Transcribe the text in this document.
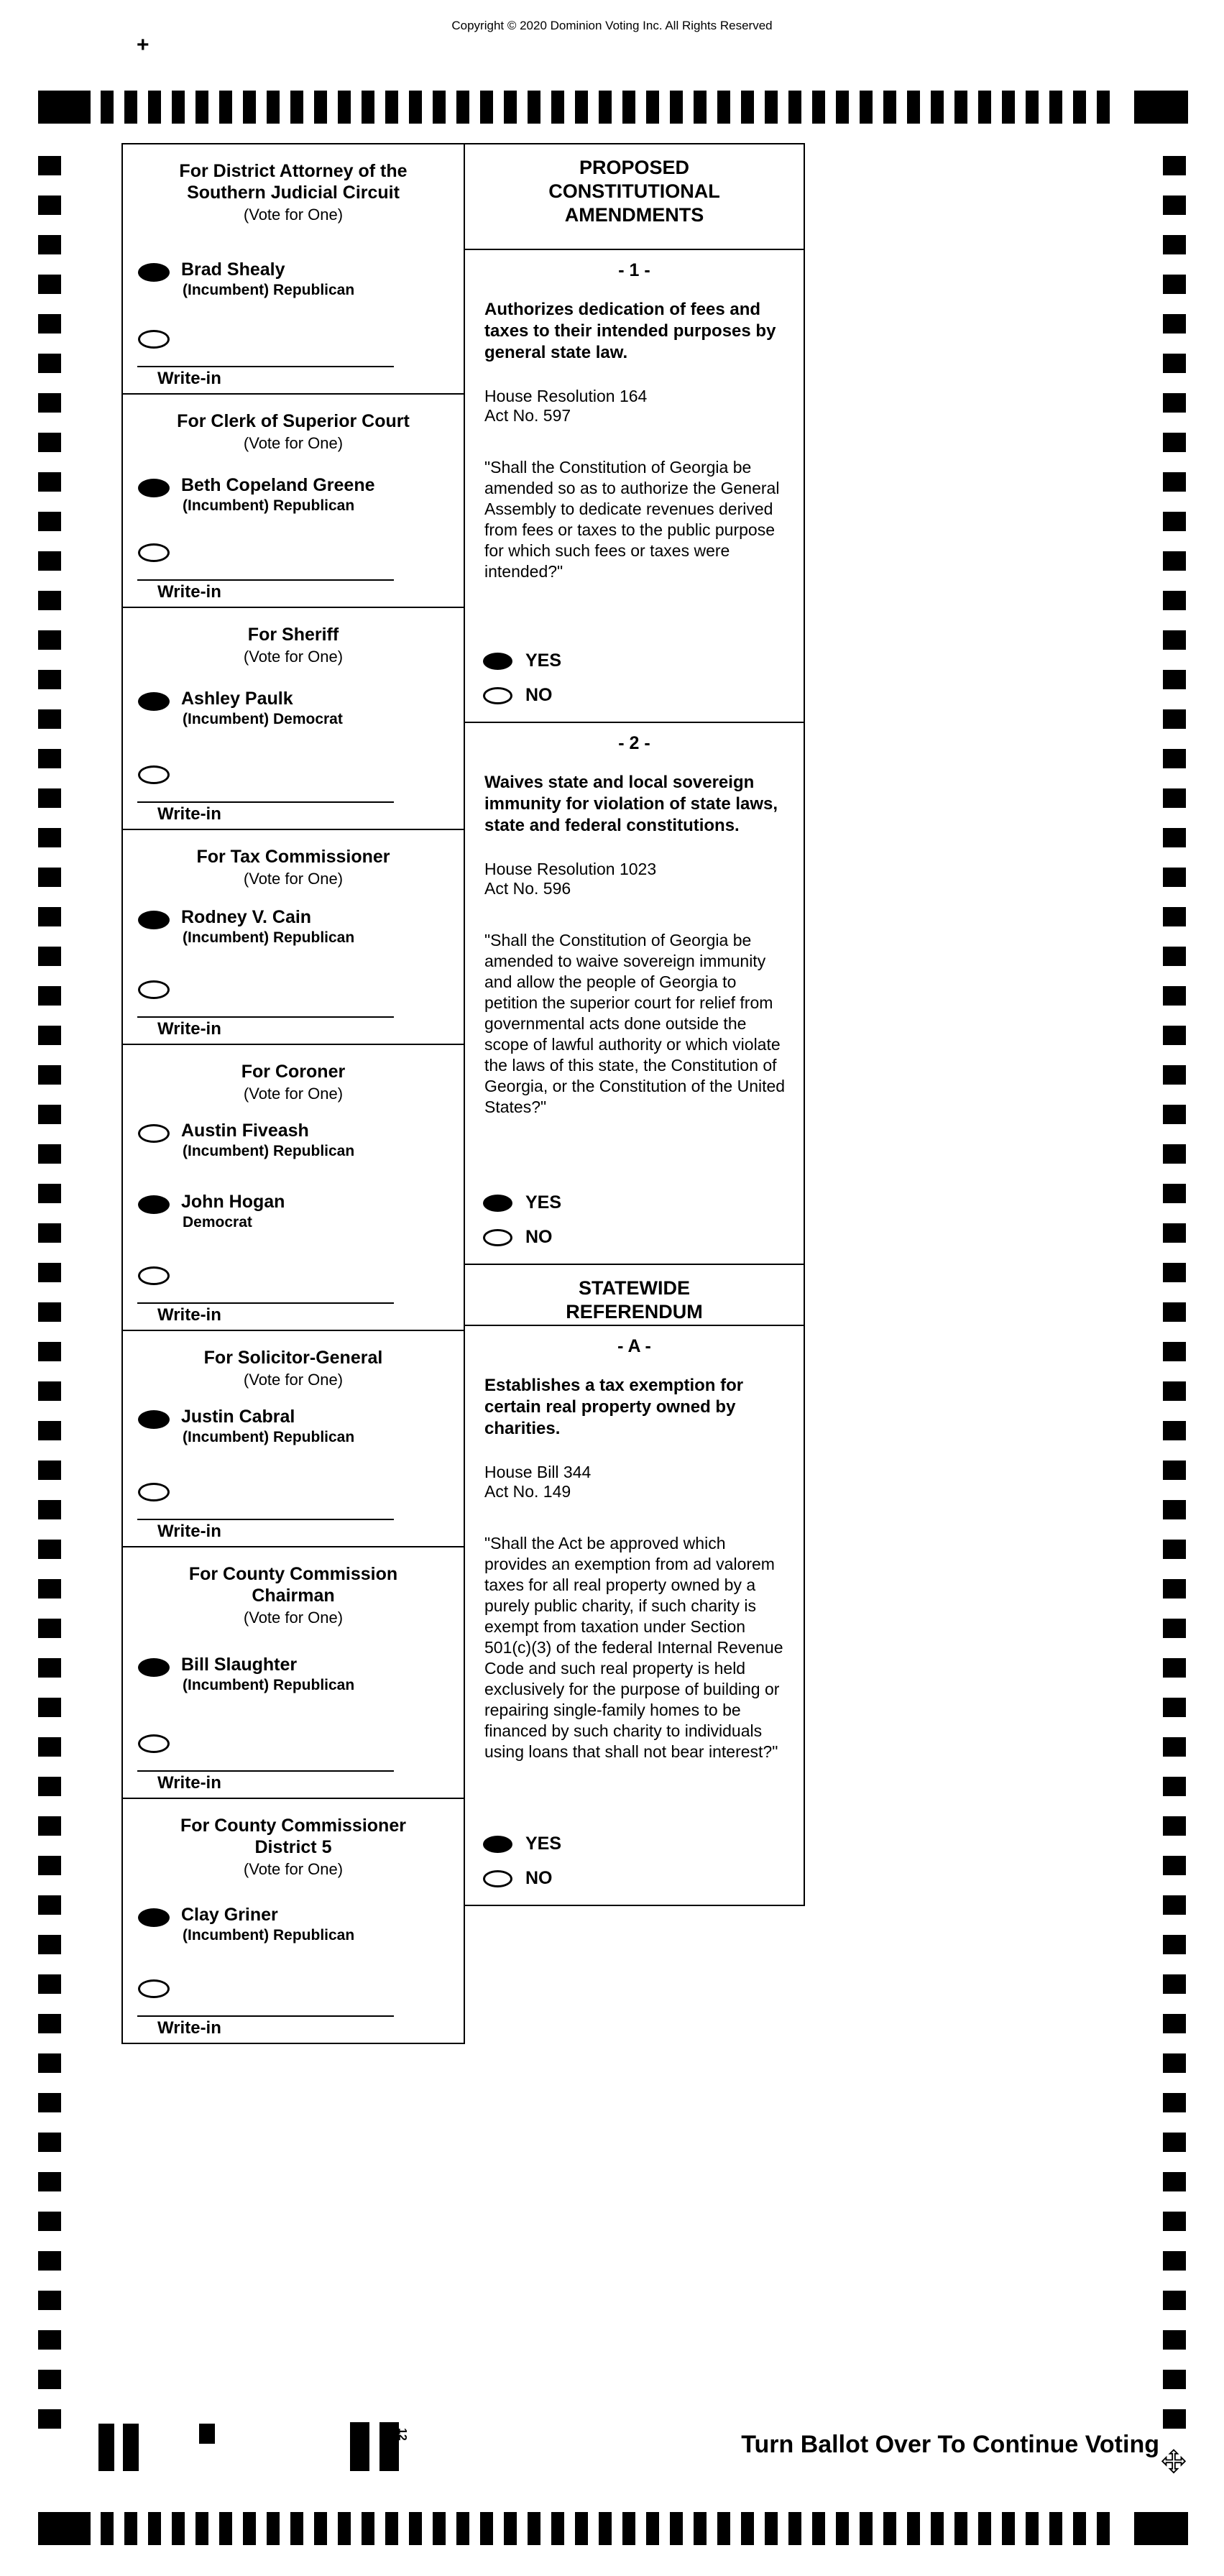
Copyright © 2020 Dominion Voting Inc. All Rights Reserved
+
For District Attorney of the
Southern Judicial Circuit
(Vote for One)
Brad Shealy
(Incumbent) Republican
Write-in
For Clerk of Superior Court
(Vote for One)
Beth Copeland Greene
(Incumbent) Republican
Write-in
For Sheriff
(Vote for One)
Ashley Paulk
(Incumbent) Democrat
Write-in
For Tax Commissioner
(Vote for One)
Rodney V. Cain
(Incumbent) Republican
Write-in
For Coroner
(Vote for One)
Austin Fiveash
(Incumbent) Republican
John Hogan
Democrat
Write-in
For Solicitor-General
(Vote for One)
Justin Cabral
(Incumbent) Republican
Write-in
For County Commission
Chairman
(Vote for One)
Bill Slaughter
(Incumbent) Republican
Write-in
For County Commissioner
District 5
(Vote for One)
Clay Griner
(Incumbent) Republican
Write-in
PROPOSED
CONSTITUTIONAL
AMENDMENTS
- 1 -
Authorizes dedication of fees and taxes to their intended purposes by general state law.
House Resolution 164
Act No. 597
"Shall the Constitution of Georgia be amended so as to authorize the General Assembly to dedicate revenues derived from fees or taxes to the public purpose for which such fees or taxes were intended?"
YES
NO
- 2 -
Waives state and local sovereign immunity for violation of state laws, state and federal constitutions.
House Resolution 1023
Act No. 596
"Shall the Constitution of Georgia be amended to waive sovereign immunity and allow the people of Georgia to petition the superior court for relief from governmental acts done outside the scope of lawful authority or which violate the laws of this state, the Constitution of Georgia, or the Constitution of the United States?"
YES
NO
STATEWIDE
REFERENDUM
- A -
Establishes a tax exemption for certain real property owned by charities.
House Bill 344
Act No. 149
"Shall the Act be approved which provides an exemption from ad valorem taxes for all real property owned by a purely public charity, if such charity is exempt from taxation under Section 501(c)(3) of the federal Internal Revenue Code and such real property is held exclusively for the purpose of building or repairing single-family homes to be financed by such charity to individuals using loans that shall not bear interest?"
YES
NO
12	Turn Ballot Over To Continue Voting
